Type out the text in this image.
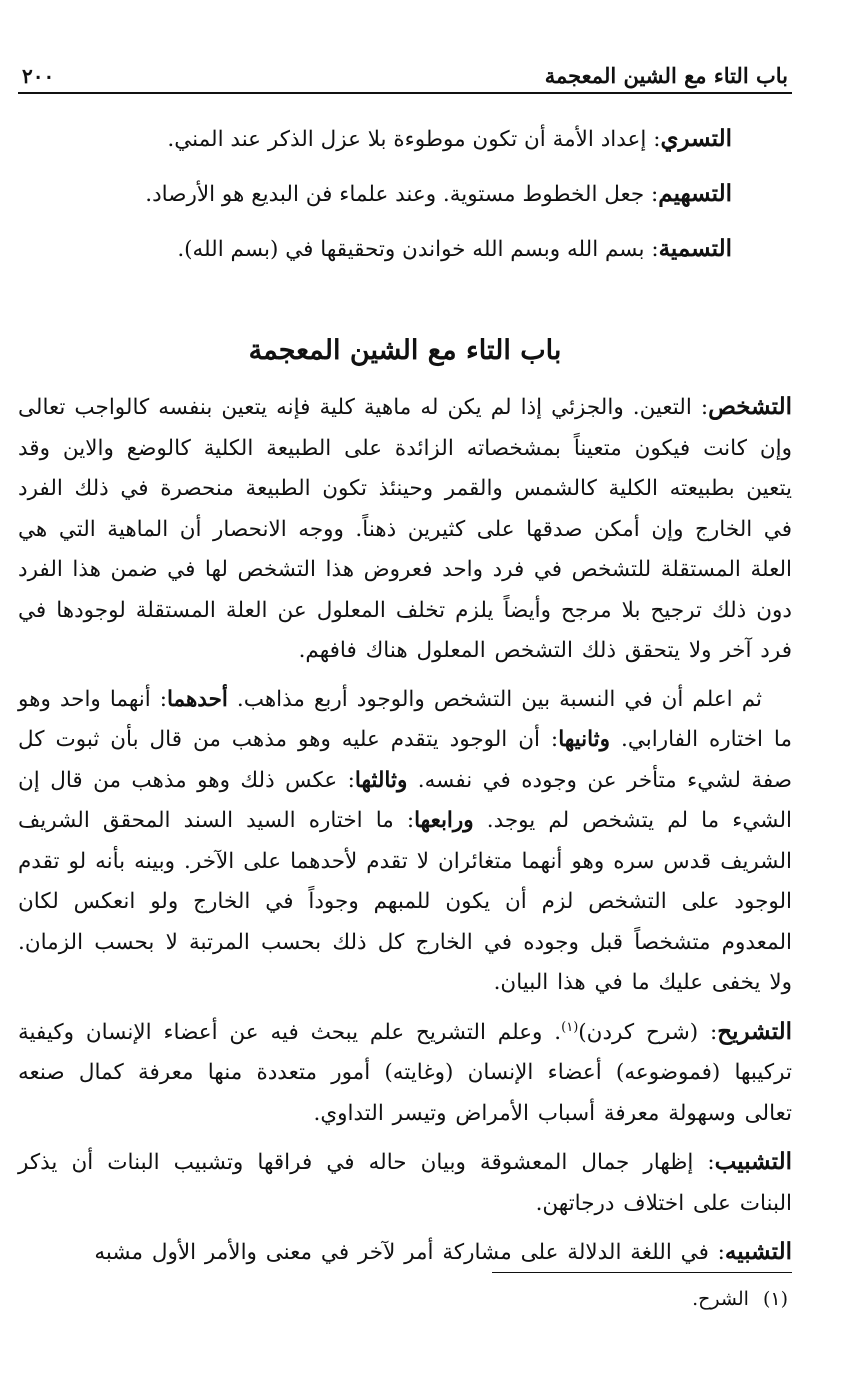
باب التاء مع الشين المعجمة
٢٠٠

التسري: إعداد الأمة أن تكون موطوءة بلا عزل الذكر عند المني.

التسهيم: جعل الخطوط مستوية. وعند علماء فن البديع هو الأرصاد.

التسمية: بسم الله وبسم الله خواندن وتحقيقها في (بسم الله).

باب التاء مع الشين المعجمة

التشخص: التعين. والجزئي إذا لم يكن له ماهية كلية فإنه يتعين بنفسه كالواجب تعالى وإن كانت فيكون متعيناً بمشخصاته الزائدة على الطبيعة الكلية كالوضع والاين وقد يتعين بطبيعته الكلية كالشمس والقمر وحينئذ تكون الطبيعة منحصرة في ذلك الفرد في الخارج وإن أمكن صدقها على كثيرين ذهناً. ووجه الانحصار أن الماهية التي هي العلة المستقلة للتشخص في فرد واحد فعروض هذا التشخص لها في ضمن هذا الفرد دون ذلك ترجيح بلا مرجح وأيضاً يلزم تخلف المعلول عن العلة المستقلة لوجودها في فرد آخر ولا يتحقق ذلك التشخص المعلول هناك فافهم.

ثم اعلم أن في النسبة بين التشخص والوجود أربع مذاهب. أحدهما: أنهما واحد وهو ما اختاره الفارابي. وثانيها: أن الوجود يتقدم عليه وهو مذهب من قال بأن ثبوت كل صفة لشيء متأخر عن وجوده في نفسه. وثالثها: عكس ذلك وهو مذهب من قال إن الشيء ما لم يتشخص لم يوجد. ورابعها: ما اختاره السيد السند المحقق الشريف الشريف قدس سره وهو أنهما متغائران لا تقدم لأحدهما على الآخر. وبينه بأنه لو تقدم الوجود على التشخص لزم أن يكون للمبهم وجوداً في الخارج ولو انعكس لكان المعدوم متشخصاً قبل وجوده في الخارج كل ذلك بحسب المرتبة لا بحسب الزمان. ولا يخفى عليك ما في هذا البيان.

التشريح: (شرح كردن)$^{(١)}$. وعلم التشريح علم يبحث فيه عن أعضاء الإنسان وكيفية تركيبها (فموضوعه) أعضاء الإنسان (وغايته) أمور متعددة منها معرفة كمال صنعه تعالى وسهولة معرفة أسباب الأمراض وتيسر التداوي.

التشبيب: إظهار جمال المعشوقة وبيان حاله في فراقها وتشبيب البنات أن يذكر البنات على اختلاف درجاتهن.

التشبيه: في اللغة الدلالة على مشاركة أمر لآخر في معنى والأمر الأول مشبه

(١)الشرح.
